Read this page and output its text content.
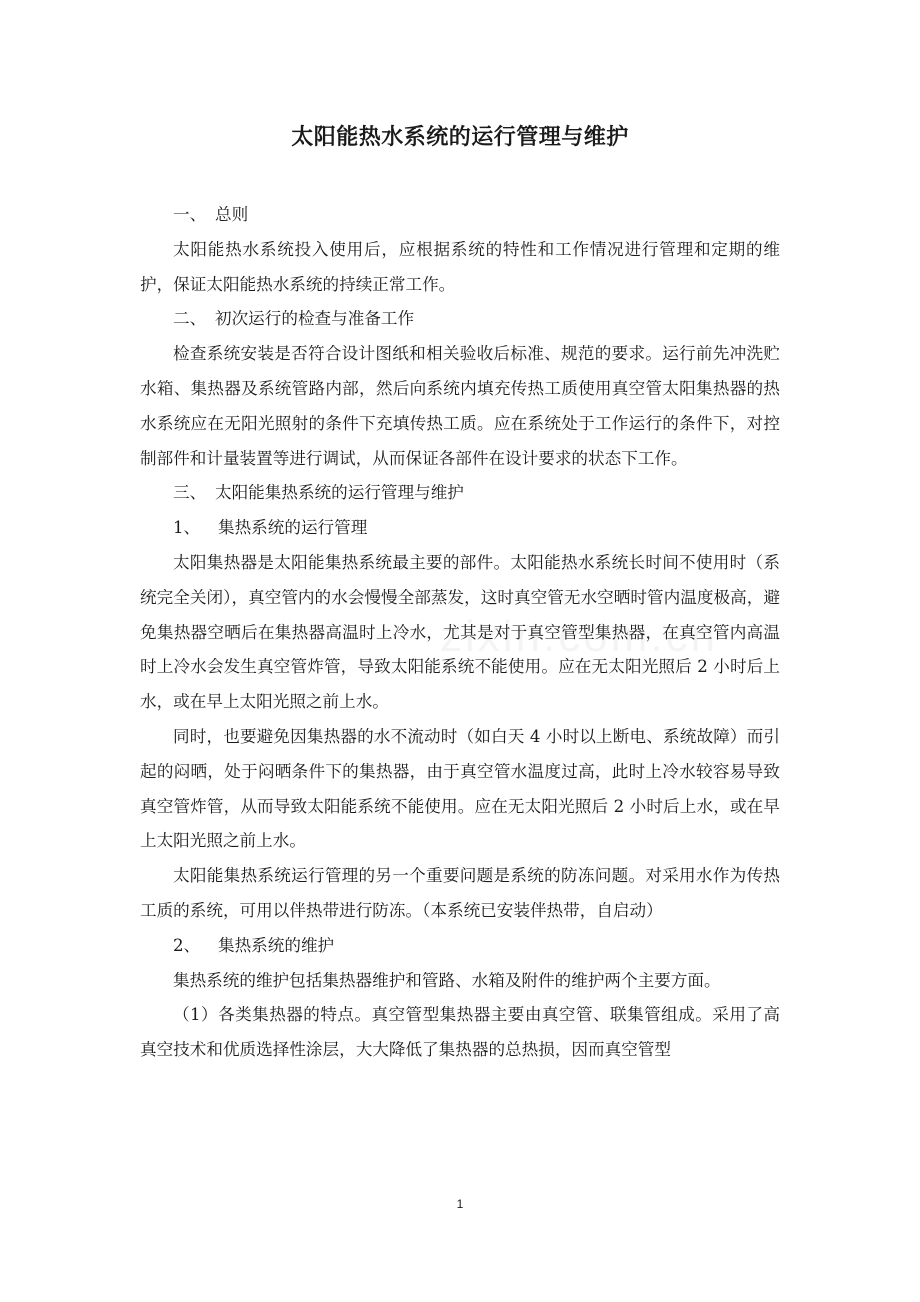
太阳能热水系统的运行管理与维护
一、 总则

太阳能热水系统投入使用后，应根据系统的特性和工作情况进行管理和定期的维护，保证太阳能热水系统的持续正常工作。

二、 初次运行的检查与准备工作

检查系统安装是否符合设计图纸和相关验收后标准、规范的要求。运行前先冲洗贮水箱、集热器及系统管路内部，然后向系统内填充传热工质使用真空管太阳集热器的热水系统应在无阳光照射的条件下充填传热工质。应在系统处于工作运行的条件下，对控制部件和计量装置等进行调试，从而保证各部件在设计要求的状态下工作。

三、 太阳能集热系统的运行管理与维护
1、 集热系统的运行管理

太阳集热器是太阳能集热系统最主要的部件。太阳能热水系统长时间不使用时（系统完全关闭），真空管内的水会慢慢全部蒸发，这时真空管无水空晒时管内温度极高，避免集热器空晒后在集热器高温时上冷水，尤其是对于真空管型集热器，在真空管内高温时上冷水会发生真空管炸管，导致太阳能系统不能使用。应在无太阳光照后 2 小时后上水，或在早上太阳光照之前上水。

同时，也要避免因集热器的水不流动时（如白天 4 小时以上断电、系统故障）而引起的闷晒，处于闷晒条件下的集热器，由于真空管水温度过高，此时上冷水较容易导致真空管炸管，从而导致太阳能系统不能使用。应在无太阳光照后 2 小时后上水，或在早上太阳光照之前上水。

太阳能集热系统运行管理的另一个重要问题是系统的防冻问题。对采用水作为传热工质的系统，可用以伴热带进行防冻。（本系统已安装伴热带，自启动）

2、 集热系统的维护

集热系统的维护包括集热器维护和管路、水箱及附件的维护两个主要方面。

（1）各类集热器的特点。真空管型集热器主要由真空管、联集管组成。采用了高真空技术和优质选择性涂层，大大降低了集热器的总热损，因而真空管型

1
